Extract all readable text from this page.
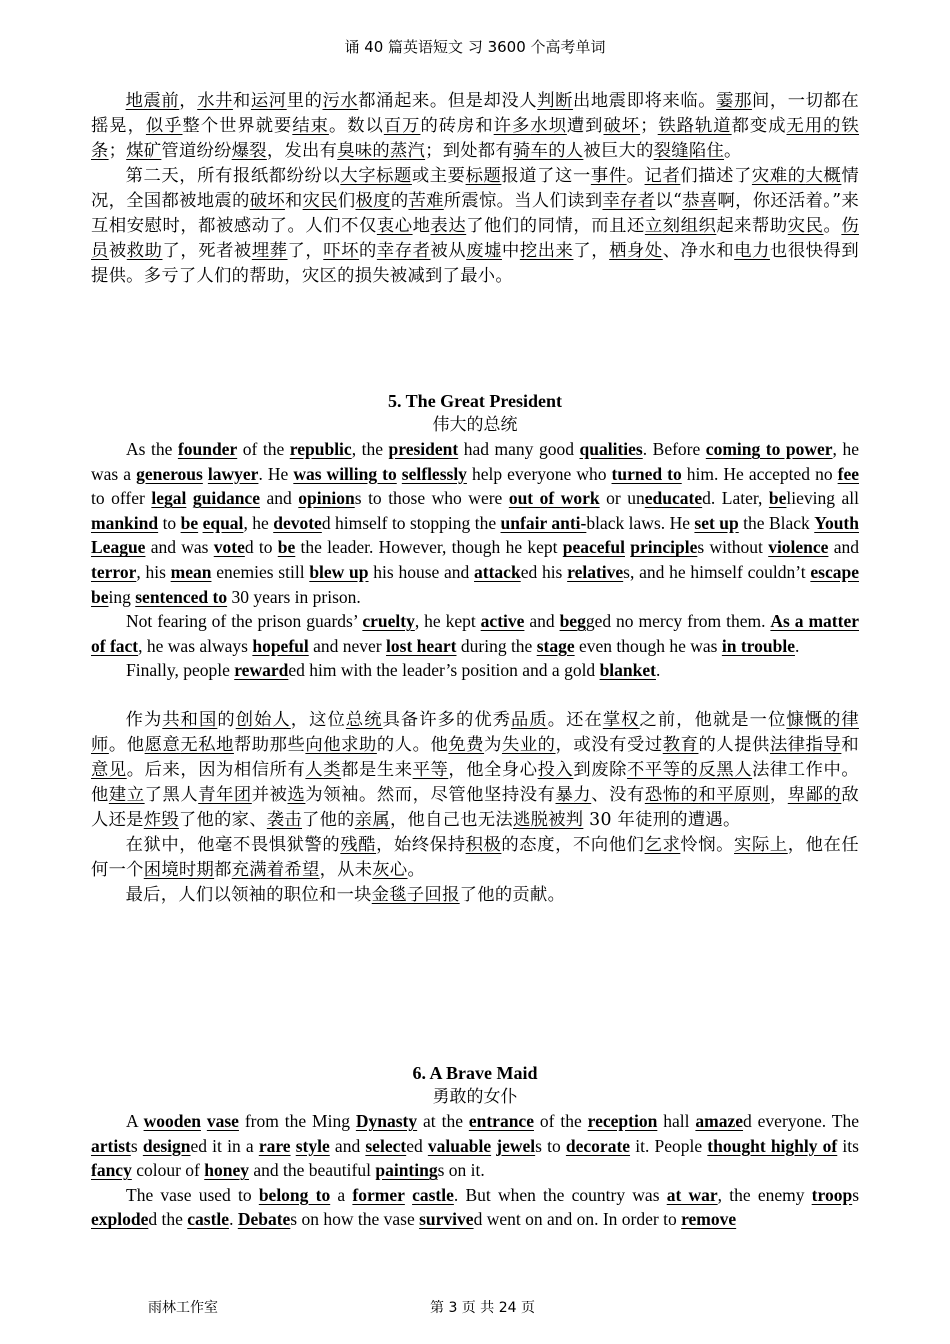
诵 40 篇英语短文 习 3600 个高考单词

地震前，水井和运河里的污水都涌起来。但是却没人判断出地震即将来临。霎那间，一切都在摇晃，似乎整个世界就要结束。数以百万的砖房和许多水坝遭到破坏；铁路轨道都变成无用的铁条；煤矿管道纷纷爆裂，发出有臭味的蒸汽；到处都有骑车的人被巨大的裂缝陷住。

第二天，所有报纸都纷纷以大字标题或主要标题报道了这一事件。记者们描述了灾难的大概情况，全国都被地震的破坏和灾民们极度的苦难所震惊。当人们读到幸存者以“恭喜啊，你还活着。”来互相安慰时，都被感动了。人们不仅衷心地表达了他们的同情，而且还立刻组织起来帮助灾民。伤员被救助了，死者被埋葬了，吓坏的幸存者被从废墟中挖出来了，栖身处、净水和电力也很快得到提供。多亏了人们的帮助，灾区的损失被减到了最小。

5. The Great President
伟大的总统

As the founder of the republic, the president had many good qualities. Before coming to power, he was a generous lawyer. He was willing to selflessly help everyone who turned to him. He accepted no fee to offer legal guidance and opinions to those who were out of work or uneducated. Later, believing all mankind to be equal, he devoted himself to stopping the unfair anti-black laws. He set up the Black Youth League and was voted to be the leader. However, though he kept peaceful principles without violence and terror, his mean enemies still blew up his house and attacked his relatives, and he himself couldn’t escape being sentenced to 30 years in prison.

Not fearing of the prison guards’ cruelty, he kept active and begged no mercy from them. As a matter of fact, he was always hopeful and never lost heart during the stage even though he was in trouble.

Finally, people rewarded him with the leader’s position and a gold blanket.

作为共和国的创始人，这位总统具备许多的优秀品质。还在掌权之前，他就是一位慷慨的律师。他愿意无私地帮助那些向他求助的人。他免费为失业的，或没有受过教育的人提供法律指导和意见。后来，因为相信所有人类都是生来平等，他全身心投入到废除不平等的反黑人法律工作中。他建立了黑人青年团并被选为领袖。然而，尽管他坚持没有暴力、没有恐怖的和平原则，卑鄙的敌人还是炸毁了他的家、袭击了他的亲属，他自己也无法逃脱被判 30 年徒刑的遭遇。

在狱中，他毫不畏惧狱警的残酷，始终保持积极的态度，不向他们乞求怜悯。实际上，他在任何一个困境时期都充满着希望，从未灰心。

最后，人们以领袖的职位和一块金毯子回报了他的贡献。

6. A Brave Maid
勇敢的女仆

A wooden vase from the Ming Dynasty at the entrance of the reception hall amazed everyone. The artists designed it in a rare style and selected valuable jewels to decorate it. People thought highly of its fancy colour of honey and the beautiful paintings on it.

The vase used to belong to a former castle. But when the country was at war, the enemy troops exploded the castle. Debates on how the vase survived went on and on. In order to remove

雨林工作室	第 3 页 共 24 页
